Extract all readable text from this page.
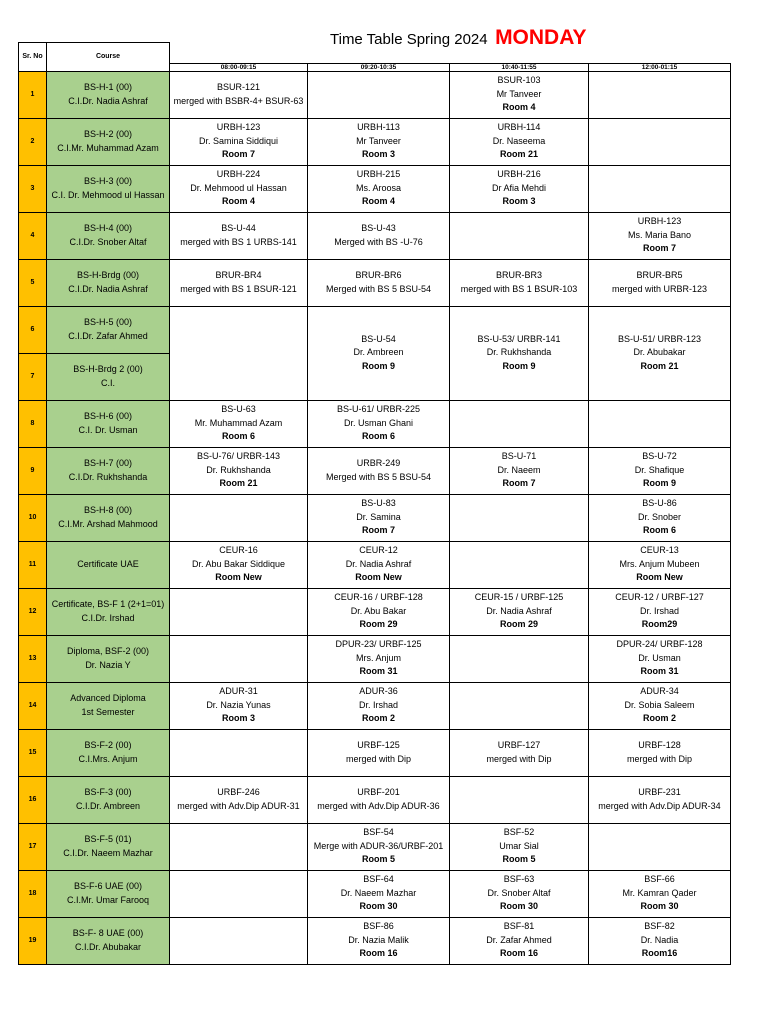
Time Table Spring 2024 MONDAY
Sr. No	Course				
		08:00-09:15	09:20-10:35	10:40-11:55	12:00-01:15
1	BS-H-1 (00)
C.I.Dr. Nadia Ashraf	BSUR-121
merged with BSBR-4+ BSUR-63		BSUR-103
Mr Tanveer
Room 4	

2	BS-H-2 (00)
C.I.Mr. Muhammad Azam	URBH-123
Dr. Samina Siddiqui
Room 7	URBH-113
Mr Tanveer
Room 3	URBH-114
Dr. Naseema
Room 21	

3	BS-H-3 (00)
C.I. Dr. Mehmood ul Hassan	URBH-224
Dr. Mehmood ul Hassan
Room 4	URBH-215
Ms. Aroosa
Room 4	URBH-216
Dr Afia Mehdi
Room 3	

4	BS-H-4 (00)
C.I.Dr. Snober Altaf	BS-U-44
merged with BS 1 URBS-141	BS-U-43
Merged with BS -U-76		URBH-123
Ms. Maria Bano
Room 7

5	BS-H-Brdg (00)
C.I.Dr. Nadia Ashraf	BRUR-BR4
merged with BS 1 BSUR-121	BRUR-BR6
Merged with BS 5 BSU-54	BRUR-BR3
merged with BS 1 BSUR-103	BRUR-BR5
merged with URBR-123

6	BS-H-5 (00)
C.I.Dr. Zafar Ahmed		BS-U-54
Dr. Ambreen
Room 9	BS-U-53/ URBR-141
Dr. Rukhshanda
Room 9	BS-U-51/ URBR-123
Dr. Abubakar
Room 21

7	BS-H-Brdg 2 (00)
C.I.				

8	BS-H-6 (00)
C.I. Dr. Usman	BS-U-63
Mr. Muhammad Azam
Room 6	BS-U-61/ URBR-225
Dr. Usman Ghani
Room 6		

9	BS-H-7 (00)
C.I.Dr. Rukhshanda	BS-U-76/ URBR-143
Dr. Rukhshanda
Room 21	URBR-249
Merged with BS 5 BSU-54	BS-U-71
Dr. Naeem
Room 7	BS-U-72
Dr. Shafique
Room 9

10	BS-H-8 (00)
C.I.Mr. Arshad Mahmood		BS-U-83
Dr. Samina
Room 7		BS-U-86
Dr. Snober
Room 6

11	Certificate UAE	CEUR-16
Dr. Abu Bakar Siddique
Room New	CEUR-12
Dr. Nadia Ashraf
Room New		CEUR-13
Mrs. Anjum Mubeen
Room New

12	Certificate, BS-F 1 (2+1=01)
C.I.Dr. Irshad		CEUR-16 / URBF-128
Dr. Abu Bakar
Room 29	CEUR-15 / URBF-125
Dr. Nadia Ashraf
Room 29	CEUR-12 / URBF-127
Dr. Irshad
Room29

13	Diploma, BSF-2 (00)
Dr. Nazia Y		DPUR-23/ URBF-125
Mrs. Anjum
Room 31		DPUR-24/ URBF-128
Dr. Usman
Room 31

14	Advanced Diploma
1st Semester	ADUR-31
Dr. Nazia Yunas
Room 3	ADUR-36
Dr. Irshad
Room 2		ADUR-34
Dr. Sobia Saleem
Room 2

15	BS-F-2 (00)
C.I.Mrs. Anjum		URBF-125
merged with Dip	URBF-127
merged with Dip	URBF-128
merged with Dip

16	BS-F-3 (00)
C.I.Dr. Ambreen	URBF-246
merged with Adv.Dip ADUR-31	URBF-201
merged with Adv.Dip ADUR-36		URBF-231
merged with Adv.Dip ADUR-34

17	BS-F-5 (01)
C.I.Dr. Naeem Mazhar		BSF-54
Merge with ADUR-36/URBF-201
Room 5	BSF-52
Umar Sial
Room 5	

18	BS-F-6 UAE (00)
C.I.Mr. Umar Farooq		BSF-64
Dr. Naeem Mazhar
Room 30	BSF-63
Dr. Snober Altaf
Room 30	BSF-66
Mr. Kamran Qader
Room 30

19	BS-F- 8 UAE (00)
C.I.Dr. Abubakar		BSF-86
Dr. Nazia Malik
Room 16	BSF-81
Dr. Zafar Ahmed
Room 16	BSF-82
Dr. Nadia
Room16
